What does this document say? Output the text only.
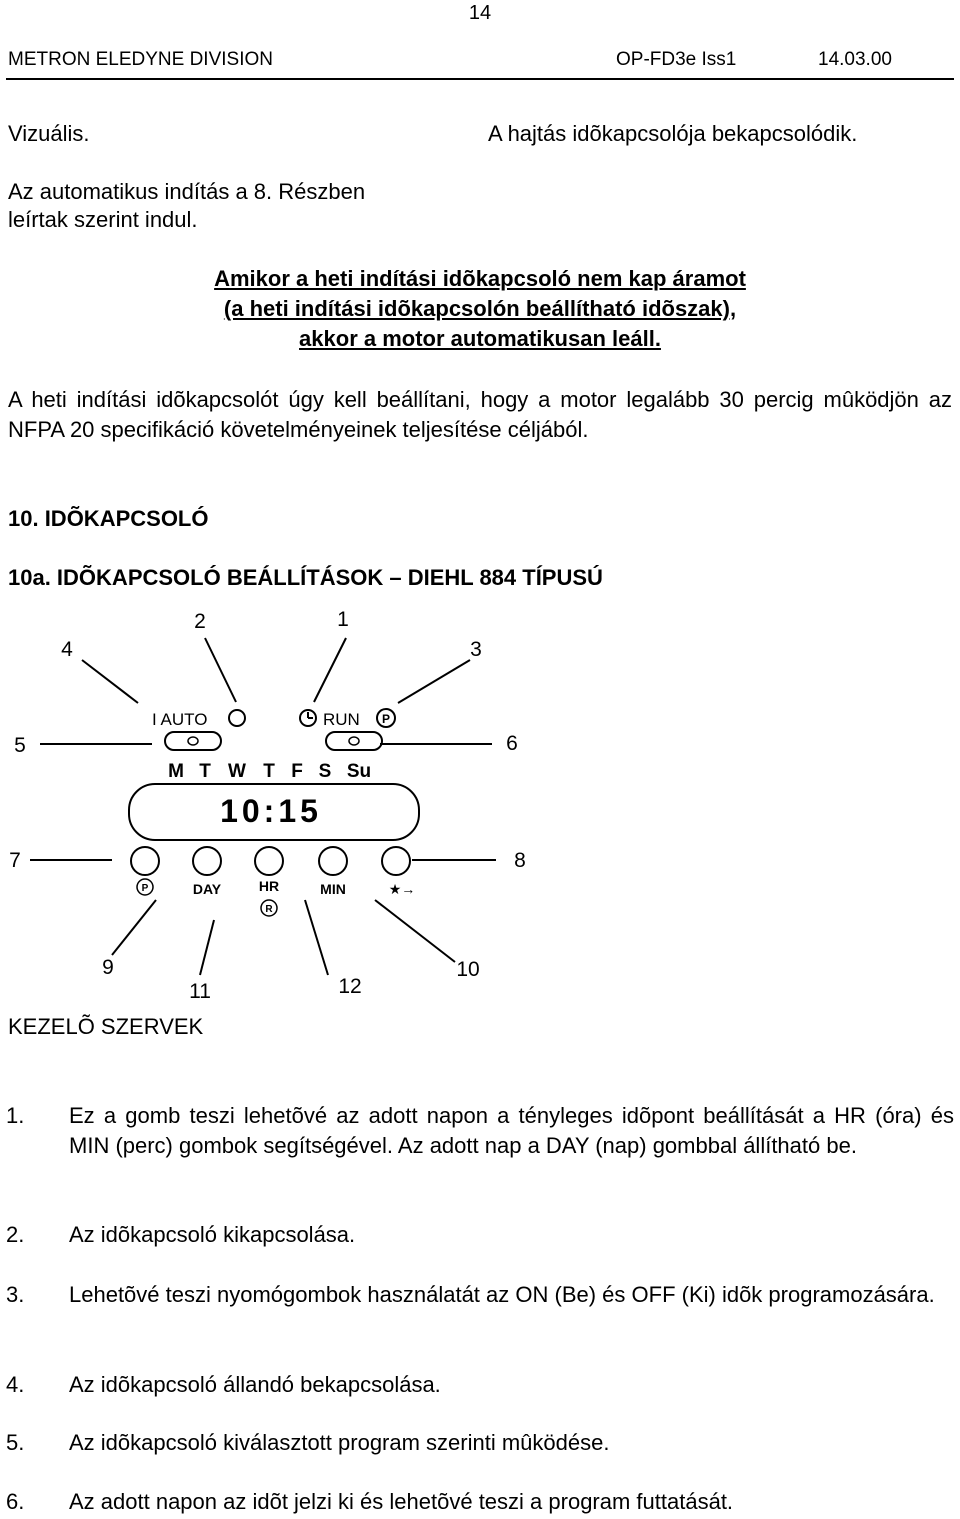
14
METRON ELEDYNE DIVISION	OP-FD3e Iss1	14.03.00
Vizuális.	A hajtás idõkapcsolója bekapcsolódik.
Az automatikus indítás a 8. Részben
leírtak szerint indul.
Amikor a heti indítási idõkapcsoló nem kap áramot
(a heti indítási idõkapcsolón beállítható idõszak),
akkor a motor automatikusan leáll.
A heti indítási idõkapcsolót úgy kell beállítani, hogy a motor legalább 30 percig mûködjön az NFPA 20 specifikáció követelményeinek teljesítése céljából.
10. IDÕKAPCSOLÓ
10a. IDÕKAPCSOLÓ BEÁLLÍTÁSOK – DIEHL 884 TÍPUSÚ
1
2
3
4
5	6
7	8
9	10
11	12
I AUTO	RUN P
M T W T F S Su
10:15
P	DAY	HR
R
MIN	★→
KEZELÕ SZERVEK
1. Ez a gomb teszi lehetõvé az adott napon a tényleges idõpont beállítását a HR (óra) és MIN (perc) gombok segítségével. Az adott nap a DAY (nap) gombbal állítható be.
2. Az idõkapcsoló kikapcsolása.
3. Lehetõvé teszi nyomógombok használatát az ON (Be) és OFF (Ki) idõk programozására.
4. Az idõkapcsoló állandó bekapcsolása.
5. Az idõkapcsoló kiválasztott program szerinti mûködése.
6. Az adott napon az idõt jelzi ki és lehetõvé teszi a program futtatását.
